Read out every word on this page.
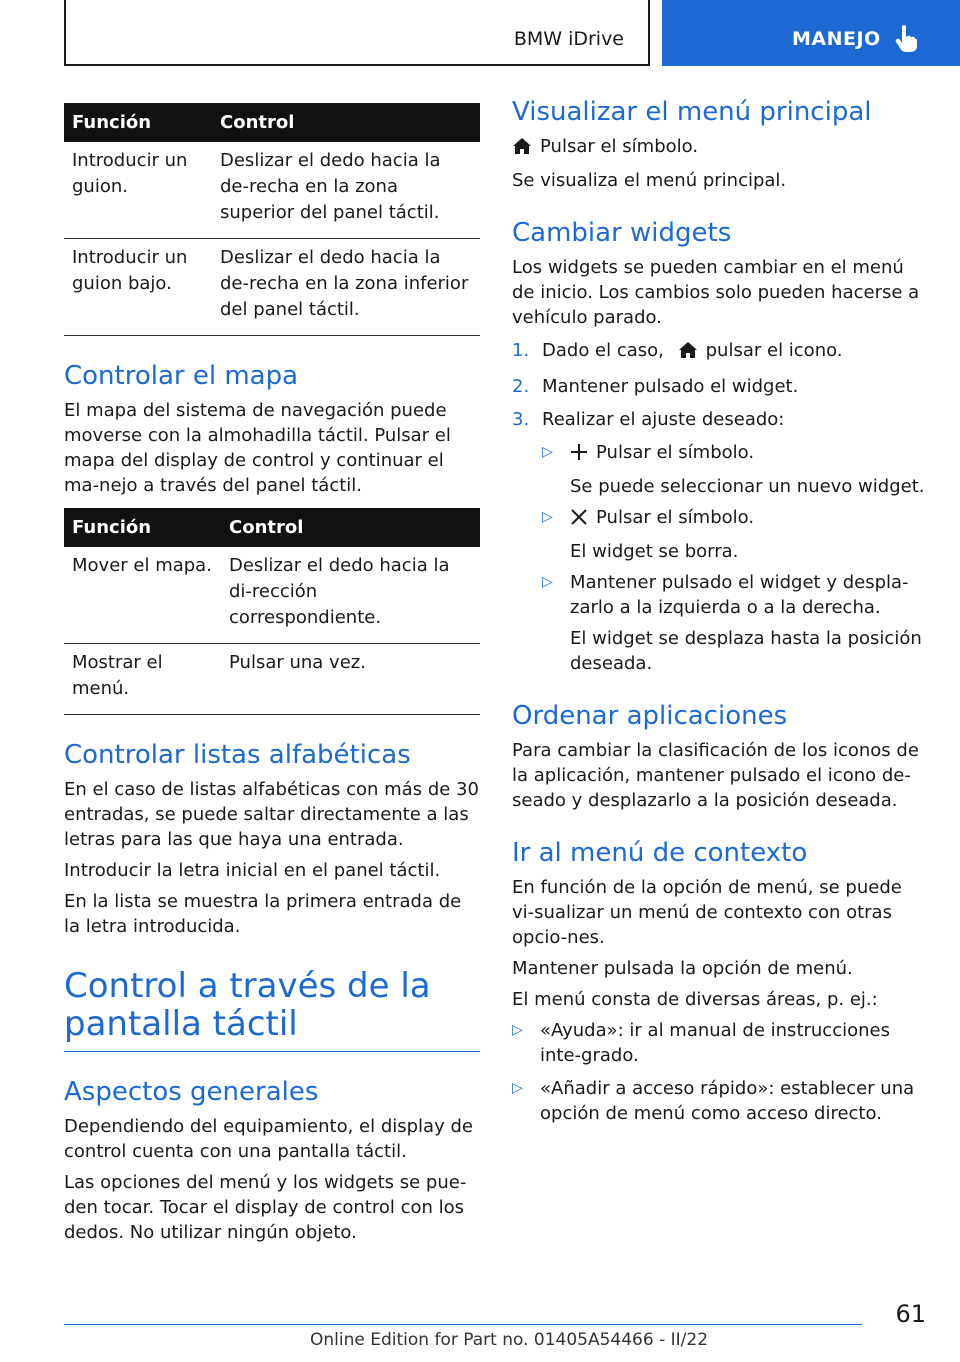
BMW iDrive	MANEJO
Función	Control
Introducir un guion.	Deslizar el dedo hacia la de-recha en la zona superior del panel táctil.
Introducir un guion bajo.	Deslizar el dedo hacia la de-recha en la zona inferior del panel táctil.
Controlar el mapa

El mapa del sistema de navegación puede moverse con la almohadilla táctil. Pulsar el mapa del display de control y continuar el ma-nejo a través del panel táctil.

Función	Control
Mover el mapa.	Deslizar el dedo hacia la di-rección correspondiente.
Mostrar el menú.	Pulsar una vez.
Controlar listas alfabéticas

En el caso de listas alfabéticas con más de 30 entradas, se puede saltar directamente a las letras para las que haya una entrada.

Introducir la letra inicial en el panel táctil.

En la lista se muestra la primera entrada de la letra introducida.

Control a través de la
pantalla táctil
Aspectos generales

Dependiendo del equipamiento, el display de control cuenta con una pantalla táctil.

Las opciones del menú y los widgets se pue-den tocar. Tocar el display de control con los dedos. No utilizar ningún objeto.

Visualizar el menú principal

Pulsar el símbolo.

Se visualiza el menú principal.

Cambiar widgets

Los widgets se pueden cambiar en el menú de inicio. Los cambios solo pueden hacerse a vehículo parado.

1. Dado el caso, pulsar el icono.
2. Mantener pulsado el widget.
3. Realizar el ajuste deseado:
▷ Pulsar el símbolo.
Se puede seleccionar un nuevo widget.
▷ Pulsar el símbolo.
El widget se borra.
▷ Mantener pulsado el widget y despla-zarlo a la izquierda o a la derecha.
El widget se desplaza hasta la posición deseada.
Ordenar aplicaciones

Para cambiar la clasificación de los iconos de la aplicación, mantener pulsado el icono de-seado y desplazarlo a la posición deseada.

Ir al menú de contexto

En función de la opción de menú, se puede vi-sualizar un menú de contexto con otras opcio-nes.

Mantener pulsada la opción de menú.

El menú consta de diversas áreas, p. ej.:

▷ «Ayuda»: ir al manual de instrucciones inte-grado.
▷ «Añadir a acceso rápido»: establecer una opción de menú como acceso directo.
61
Online Edition for Part no. 01405A54466 - II/22
